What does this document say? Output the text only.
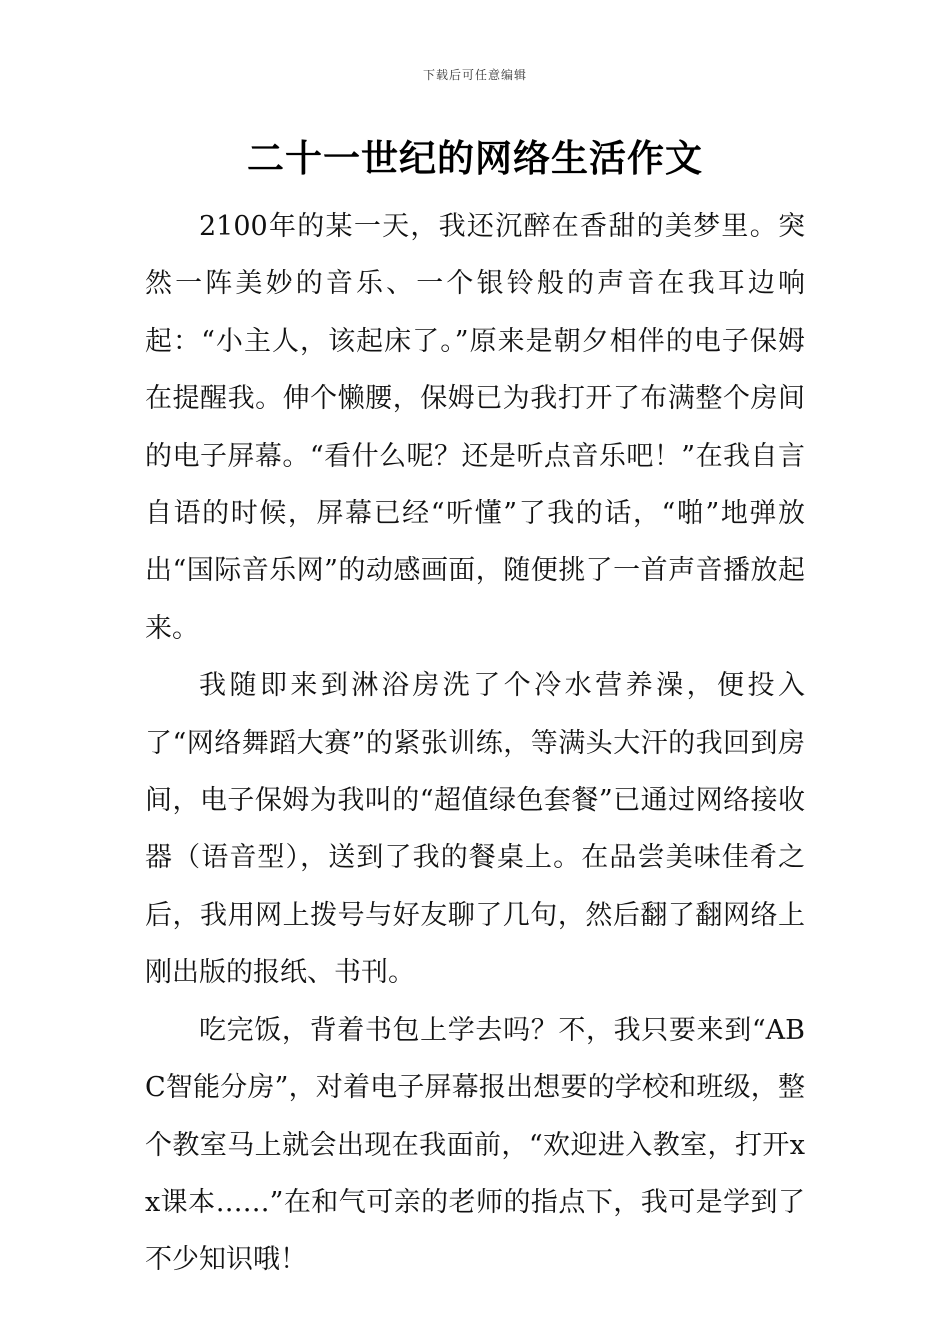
下载后可任意编辑
二十一世纪的网络生活作文

2100年的某一天，我还沉醉在香甜的美梦里。突然一阵美妙的音乐、一个银铃般的声音在我耳边响起：“小主人，该起床了。”原来是朝夕相伴的电子保姆在提醒我。伸个懒腰，保姆已为我打开了布满整个房间的电子屏幕。“看什么呢？还是听点音乐吧！”在我自言自语的时候，屏幕已经“听懂”了我的话，“啪”地弹放出“国际音乐网”的动感画面，随便挑了一首声音播放起来。

我随即来到淋浴房洗了个冷水营养澡，便投入了“网络舞蹈大赛”的紧张训练，等满头大汗的我回到房间，电子保姆为我叫的“超值绿色套餐”已通过网络接收器（语音型），送到了我的餐桌上。在品尝美味佳肴之后，我用网上拨号与好友聊了几句，然后翻了翻网络上刚出版的报纸、书刊。

吃完饭，背着书包上学去吗？不，我只要来到“ABC智能分房”，对着电子屏幕报出想要的学校和班级，整个教室马上就会出现在我面前，“欢迎进入教室，打开xx课本……”在和气可亲的老师的指点下，我可是学到了不少知识哦！
